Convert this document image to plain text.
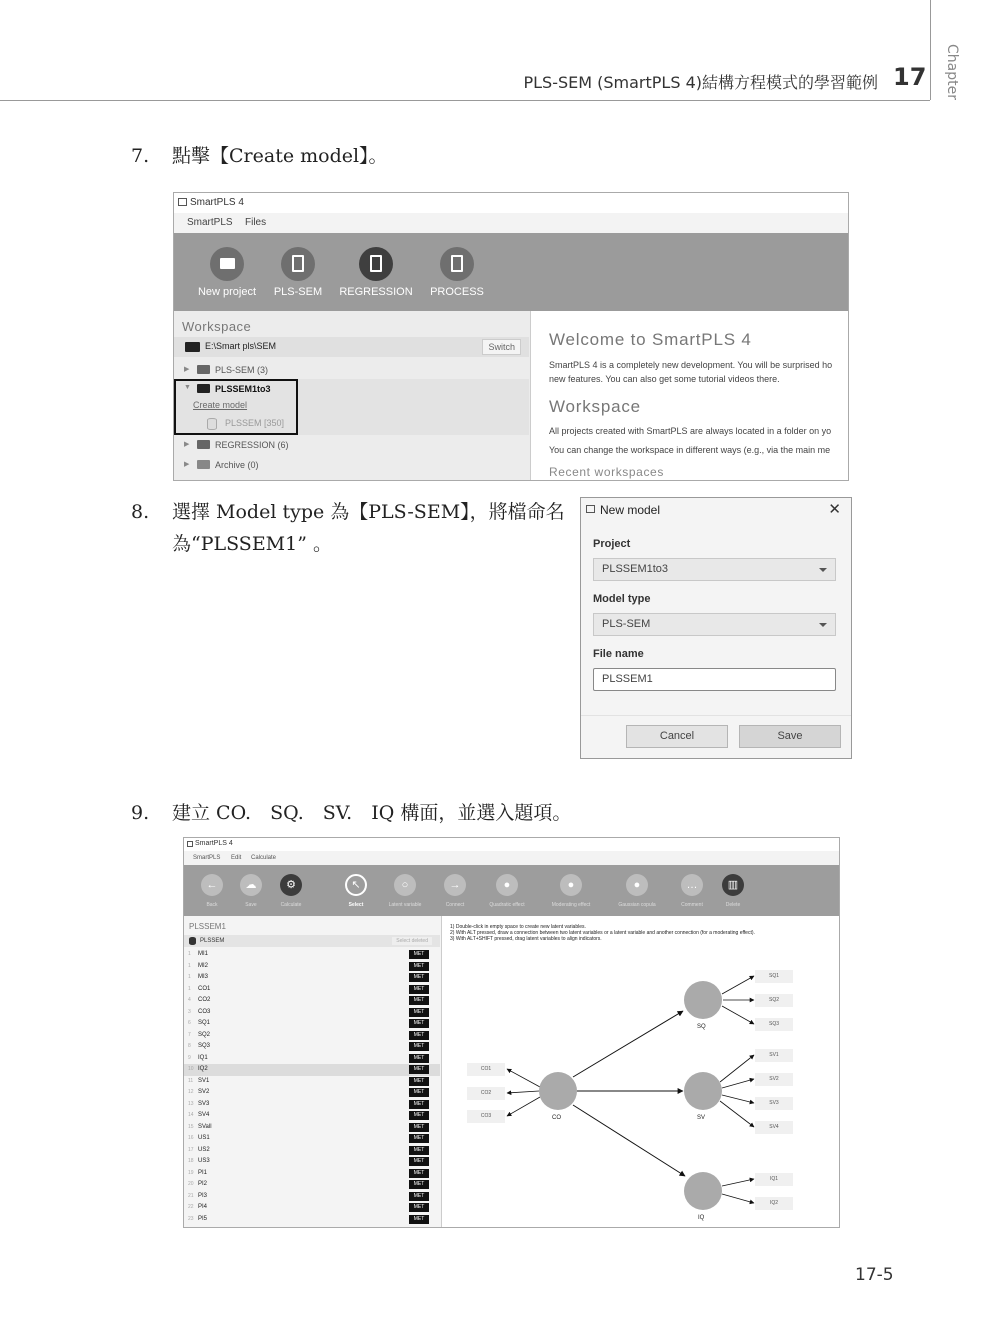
PLS-SEM (SmartPLS 4)結構方程模式的學習範例 17 Chapter
7. 點擊【Create model】。
SmartPLS 4
SmartPLS Files
New project	PLS-SEM	REGRESSION	PROCESS
Workspace
E:\Smart pls\SEM	Switch
▶	PLS-SEM (3)
▼	PLSSEM1to3
Create model
PLSSEM [350]
▶	REGRESSION (6)
▶	Archive (0)
Welcome to SmartPLS 4
SmartPLS 4 is a completely new development. You will be surprised ho
new features. You can also get some tutorial videos there.
Workspace
All projects created with SmartPLS are always located in a folder on yo
You can change the workspace in different ways (e.g., via the main me
Recent workspaces
8. 選擇 Model type 為【PLS-SEM】，將檔命名
為“PLSSEM1” 。
New model	✕
Project
PLSSEM1to3
Model type
PLS-SEM
File name
PLSSEM1
Cancel	Save
9. 建立 CO.　SQ.　SV.　IQ 構面，並選入題項。
SmartPLS 4
SmartPLS Edit Calculate
←
Back
☁
Save
⚙
Calculate
↖
Select
○
Latent variable
→
Connect
●
Quadratic effect
●
Moderating effect
●
Gaussian copula
…
Comment
▥
Delete
PLSSEM1
PLSSEM	Select deleted
1 MI1	MET
1 MI2	MET
1 MI3	MET
1 CO1	MET
4 CO2	MET
3 CO3	MET
6 SQ1	MET
7 SQ2	MET
8 SQ3	MET
9 IQ1	MET
10 IQ2	MET
11 SV1	MET
12 SV2	MET
13 SV3	MET
14 SV4	MET
15 SVall	MET
16 US1	MET
17 US2	MET
18 US3	MET
19 PI1	MET
20 PI2	MET
21 PI3	MET
22 PI4	MET
23 PI5	MET
1) Double-click in empty space to create new latent variables.
2) With ALT pressed, draw a connection between two latent variables or a latent variable and another connection (for a moderating effect).
3) With ALT+SHIFT pressed, drag latent variables to align indicators.
CO
SQ
SV
IQ
CO1
CO2
CO3
SQ1
SQ2
SQ3
SV1
SV2
SV3
SV4
IQ1
IQ2
17-5
